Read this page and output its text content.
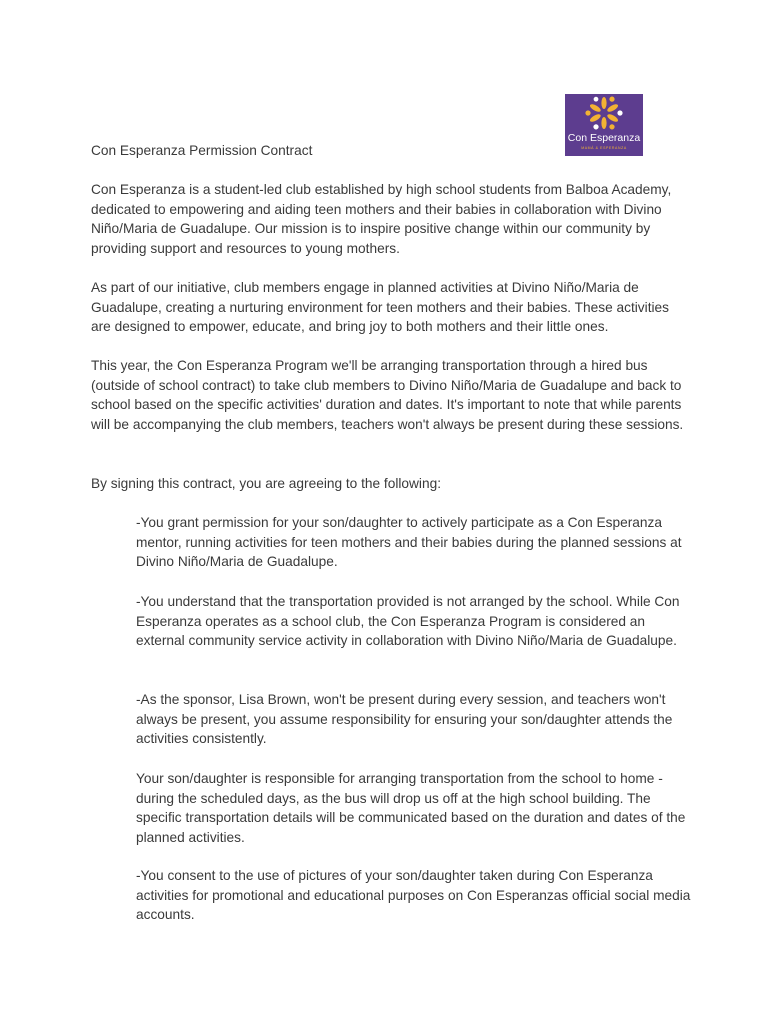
Con Esperanza
MAMÁ & ESPERANZA
Con Esperanza Permission Contract

Con Esperanza is a student-led club established by high school students from Balboa Academy, dedicated to empowering and aiding teen mothers and their babies in collaboration with Divino Niño/Maria de Guadalupe. Our mission is to inspire positive change within our community by providing support and resources to young mothers.

As part of our initiative, club members engage in planned activities at Divino Niño/Maria de Guadalupe, creating a nurturing environment for teen mothers and their babies. These activities are designed to empower, educate, and bring joy to both mothers and their little ones.

This year, the Con Esperanza Program we'll be arranging transportation through a hired bus (outside of school contract) to take club members to Divino Niño/Maria de Guadalupe and back to school based on the specific activities' duration and dates. It's important to note that while parents will be accompanying the club members, teachers won't always be present during these sessions.

By signing this contract, you are agreeing to the following:

-You grant permission for your son/daughter to actively participate as a Con Esperanza mentor, running activities for teen mothers and their babies during the planned sessions at Divino Niño/Maria de Guadalupe.

-You understand that the transportation provided is not arranged by the school. While Con Esperanza operates as a school club, the Con Esperanza Program is considered an external community service activity in collaboration with Divino Niño/Maria de Guadalupe.

-As the sponsor, Lisa Brown, won't be present during every session, and teachers won't always be present, you assume responsibility for ensuring your son/daughter attends the activities consistently.

Your son/daughter is responsible for arranging transportation from the school to home -during the scheduled days, as the bus will drop us off at the high school building. The specific transportation details will be communicated based on the duration and dates of the planned activities.

-You consent to the use of pictures of your son/daughter taken during Con Esperanza activities for promotional and educational purposes on Con Esperanzas official social media accounts.
